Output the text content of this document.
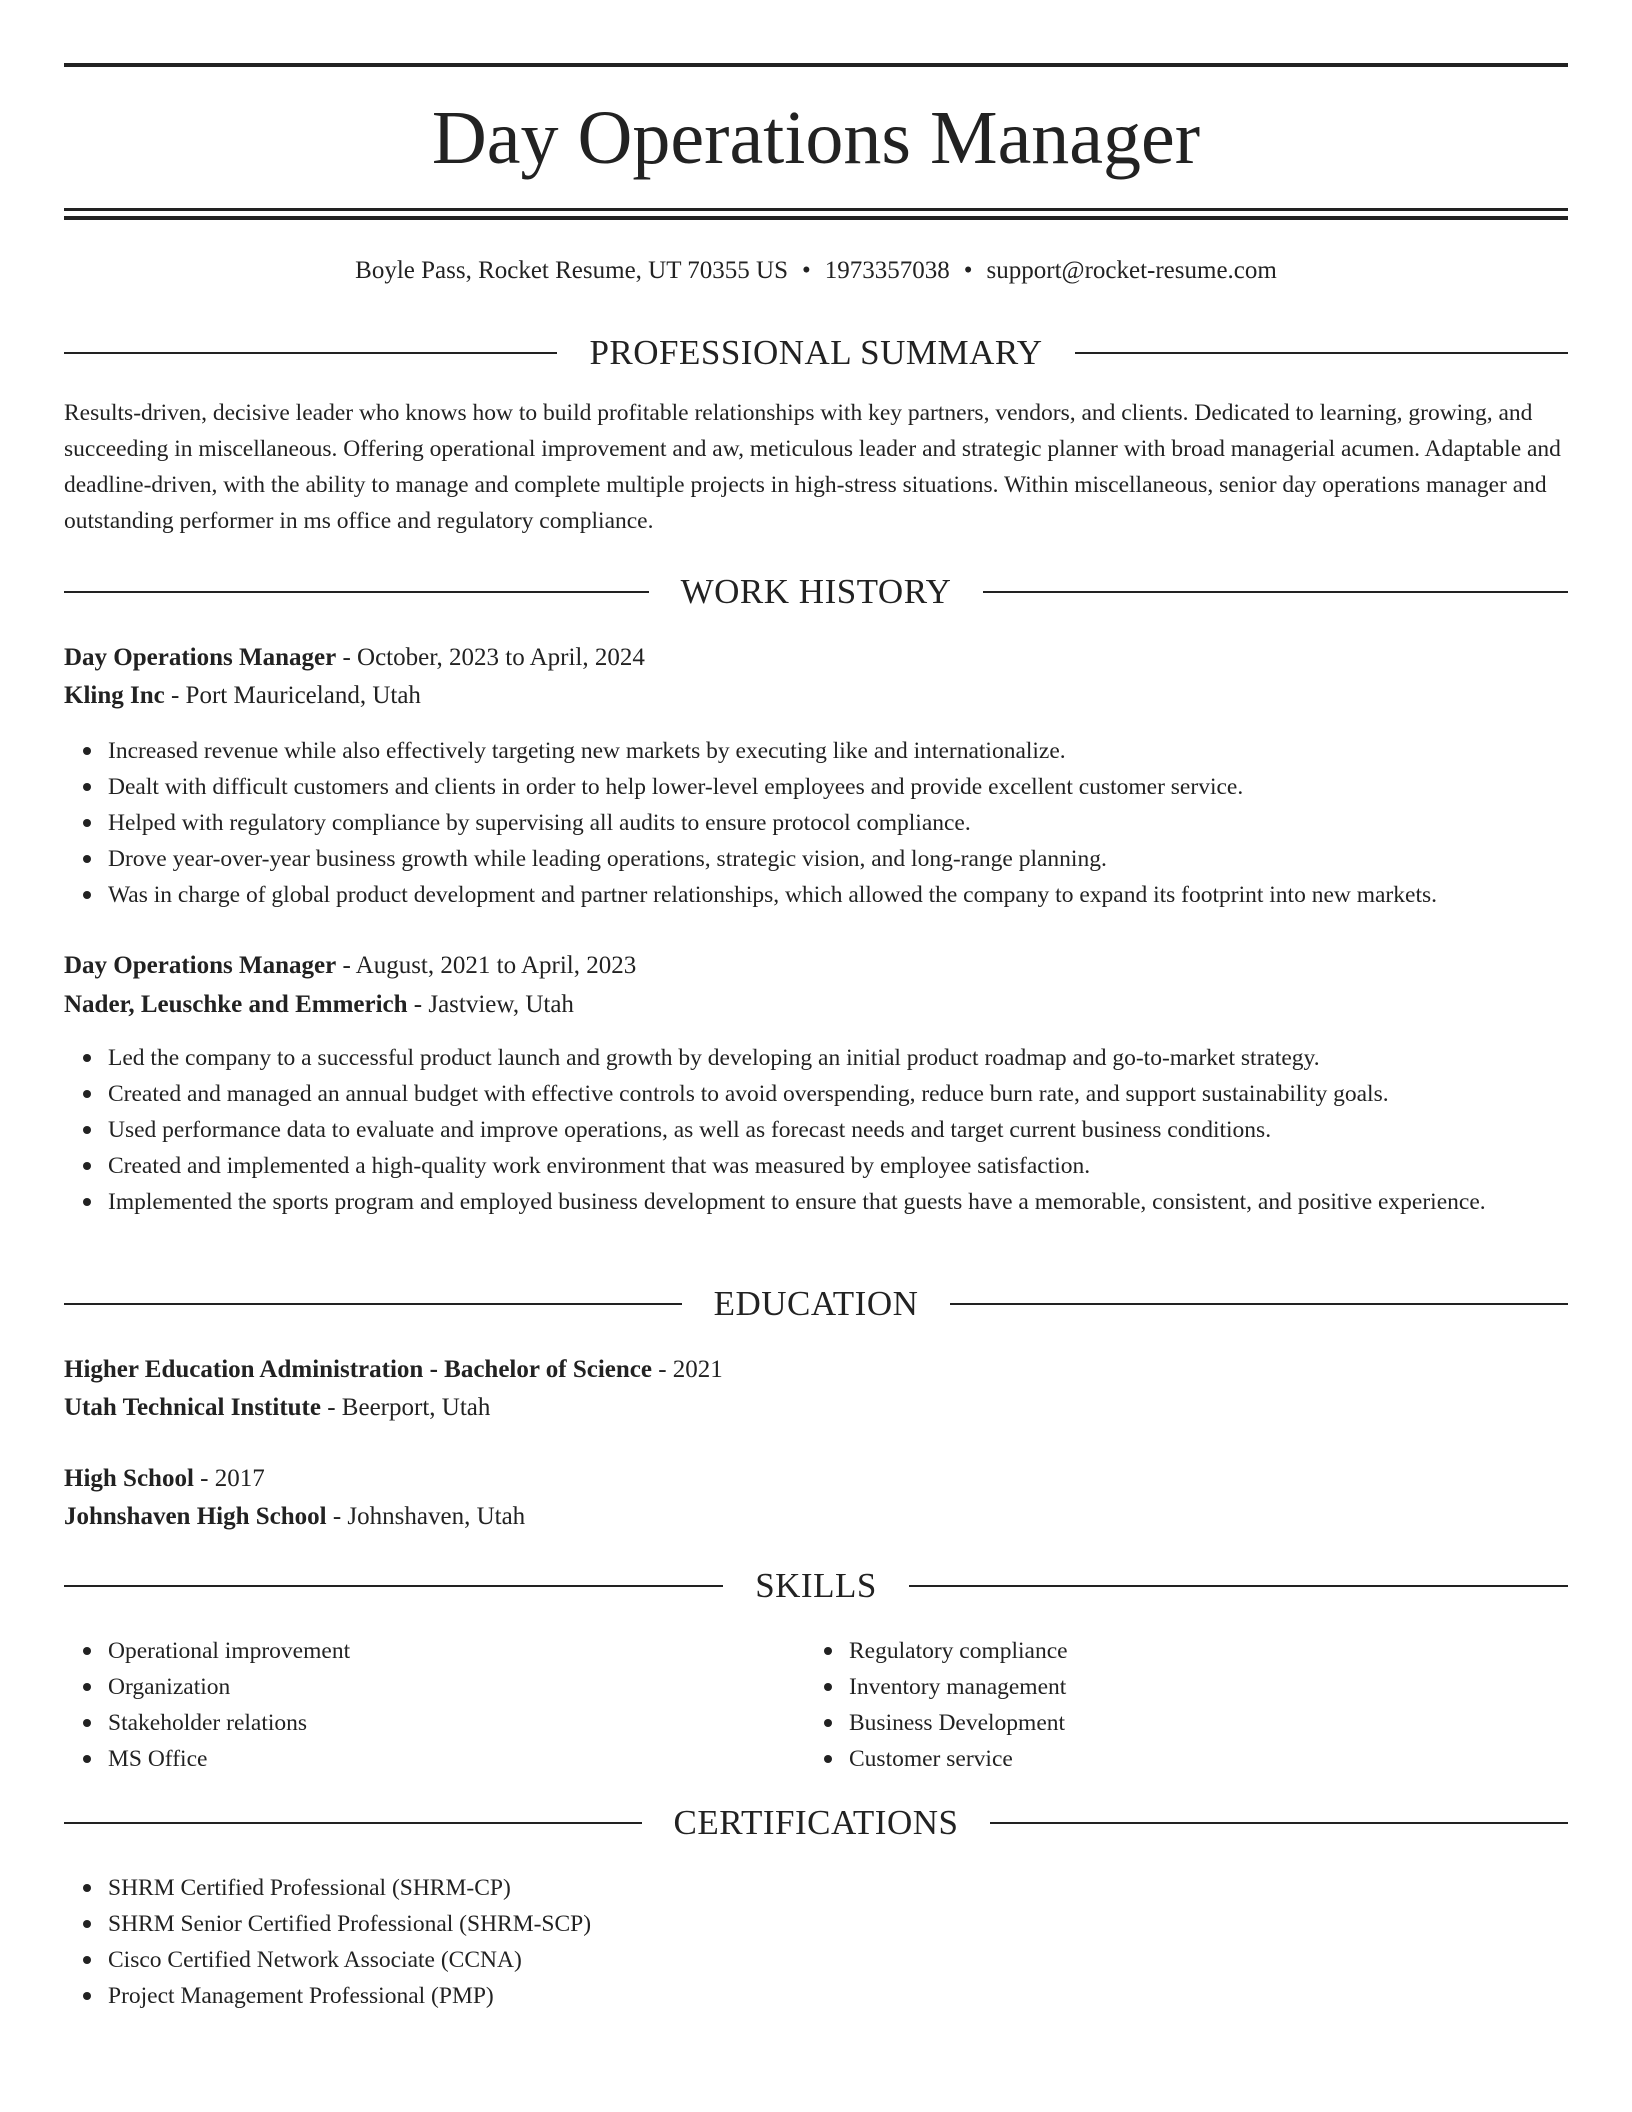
Day Operations Manager
Boyle Pass, Rocket Resume, UT 70355 US • 1973357038 • support@rocket-resume.com
PROFESSIONAL SUMMARY

Results-driven, decisive leader who knows how to build profitable relationships with key partners, vendors, and clients. Dedicated to learning, growing, and succeeding in miscellaneous. Offering operational improvement and aw, meticulous leader and strategic planner with broad managerial acumen. Adaptable and deadline-driven, with the ability to manage and complete multiple projects in high-stress situations. Within miscellaneous, senior day operations manager and outstanding performer in ms office and regulatory compliance.

WORK HISTORY
Day Operations Manager - October, 2023 to April, 2024
Kling Inc - Port Mauriceland, Utah
Increased revenue while also effectively targeting new markets by executing like and internationalize.
Dealt with difficult customers and clients in order to help lower-level employees and provide excellent customer service.
Helped with regulatory compliance by supervising all audits to ensure protocol compliance.
Drove year-over-year business growth while leading operations, strategic vision, and long-range planning.
Was in charge of global product development and partner relationships, which allowed the company to expand its footprint into new markets.
Day Operations Manager - August, 2021 to April, 2023
Nader, Leuschke and Emmerich - Jastview, Utah
Led the company to a successful product launch and growth by developing an initial product roadmap and go-to-market strategy.
Created and managed an annual budget with effective controls to avoid overspending, reduce burn rate, and support sustainability goals.
Used performance data to evaluate and improve operations, as well as forecast needs and target current business conditions.
Created and implemented a high-quality work environment that was measured by employee satisfaction.
Implemented the sports program and employed business development to ensure that guests have a memorable, consistent, and positive experience.
EDUCATION
Higher Education Administration - Bachelor of Science - 2021
Utah Technical Institute - Beerport, Utah
High School - 2017
Johnshaven High School - Johnshaven, Utah
SKILLS
Operational improvement
Organization
Stakeholder relations
MS Office
Regulatory compliance
Inventory management
Business Development
Customer service
CERTIFICATIONS
SHRM Certified Professional (SHRM-CP)
SHRM Senior Certified Professional (SHRM-SCP)
Cisco Certified Network Associate (CCNA)
Project Management Professional (PMP)
